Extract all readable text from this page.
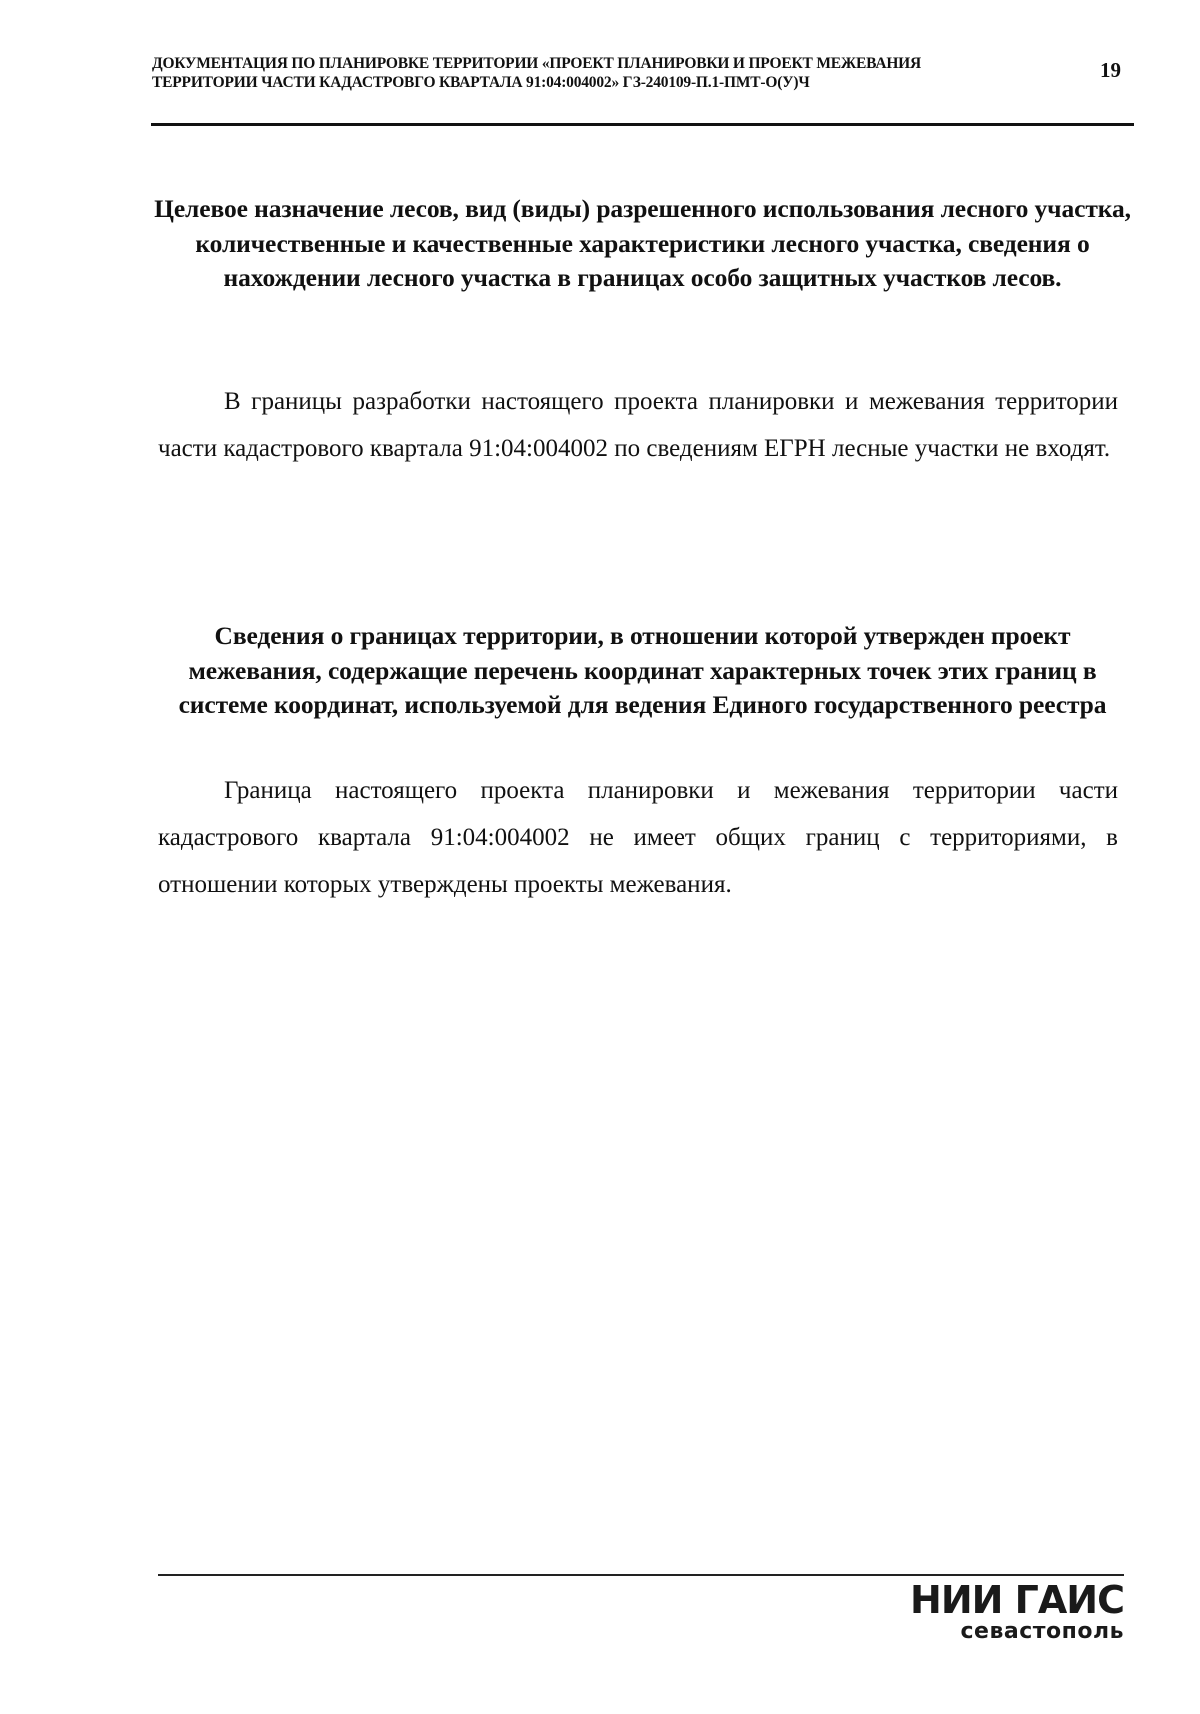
ДОКУМЕНТАЦИЯ ПО ПЛАНИРОВКЕ ТЕРРИТОРИИ «ПРОЕКТ ПЛАНИРОВКИ И ПРОЕКТ МЕЖЕВАНИЯ
ТЕРРИТОРИИ ЧАСТИ КАДАСТРОВГО КВАРТАЛА 91:04:004002» ГЗ-240109-П.1-ПМТ-О(У)Ч
19
Целевое назначение лесов, вид (виды) разрешенного использования лесного участка, количественные и качественные характеристики лесного участка, сведения о нахождении лесного участка в границах особо защитных участков лесов.
В границы разработки настоящего проекта планировки и межевания территории части кадастрового квартала 91:04:004002 по сведениям ЕГРН лесные участки не входят.
Сведения о границах территории, в отношении которой утвержден проект межевания, содержащие перечень координат характерных точек этих границ в системе координат, используемой для ведения Единого государственного реестра
Граница настоящего проекта планировки и межевания территории части кадастрового квартала 91:04:004002 не имеет общих границ с территориями, в отношении которых утверждены проекты межевания.
НИИ ГАИС
севастополь
